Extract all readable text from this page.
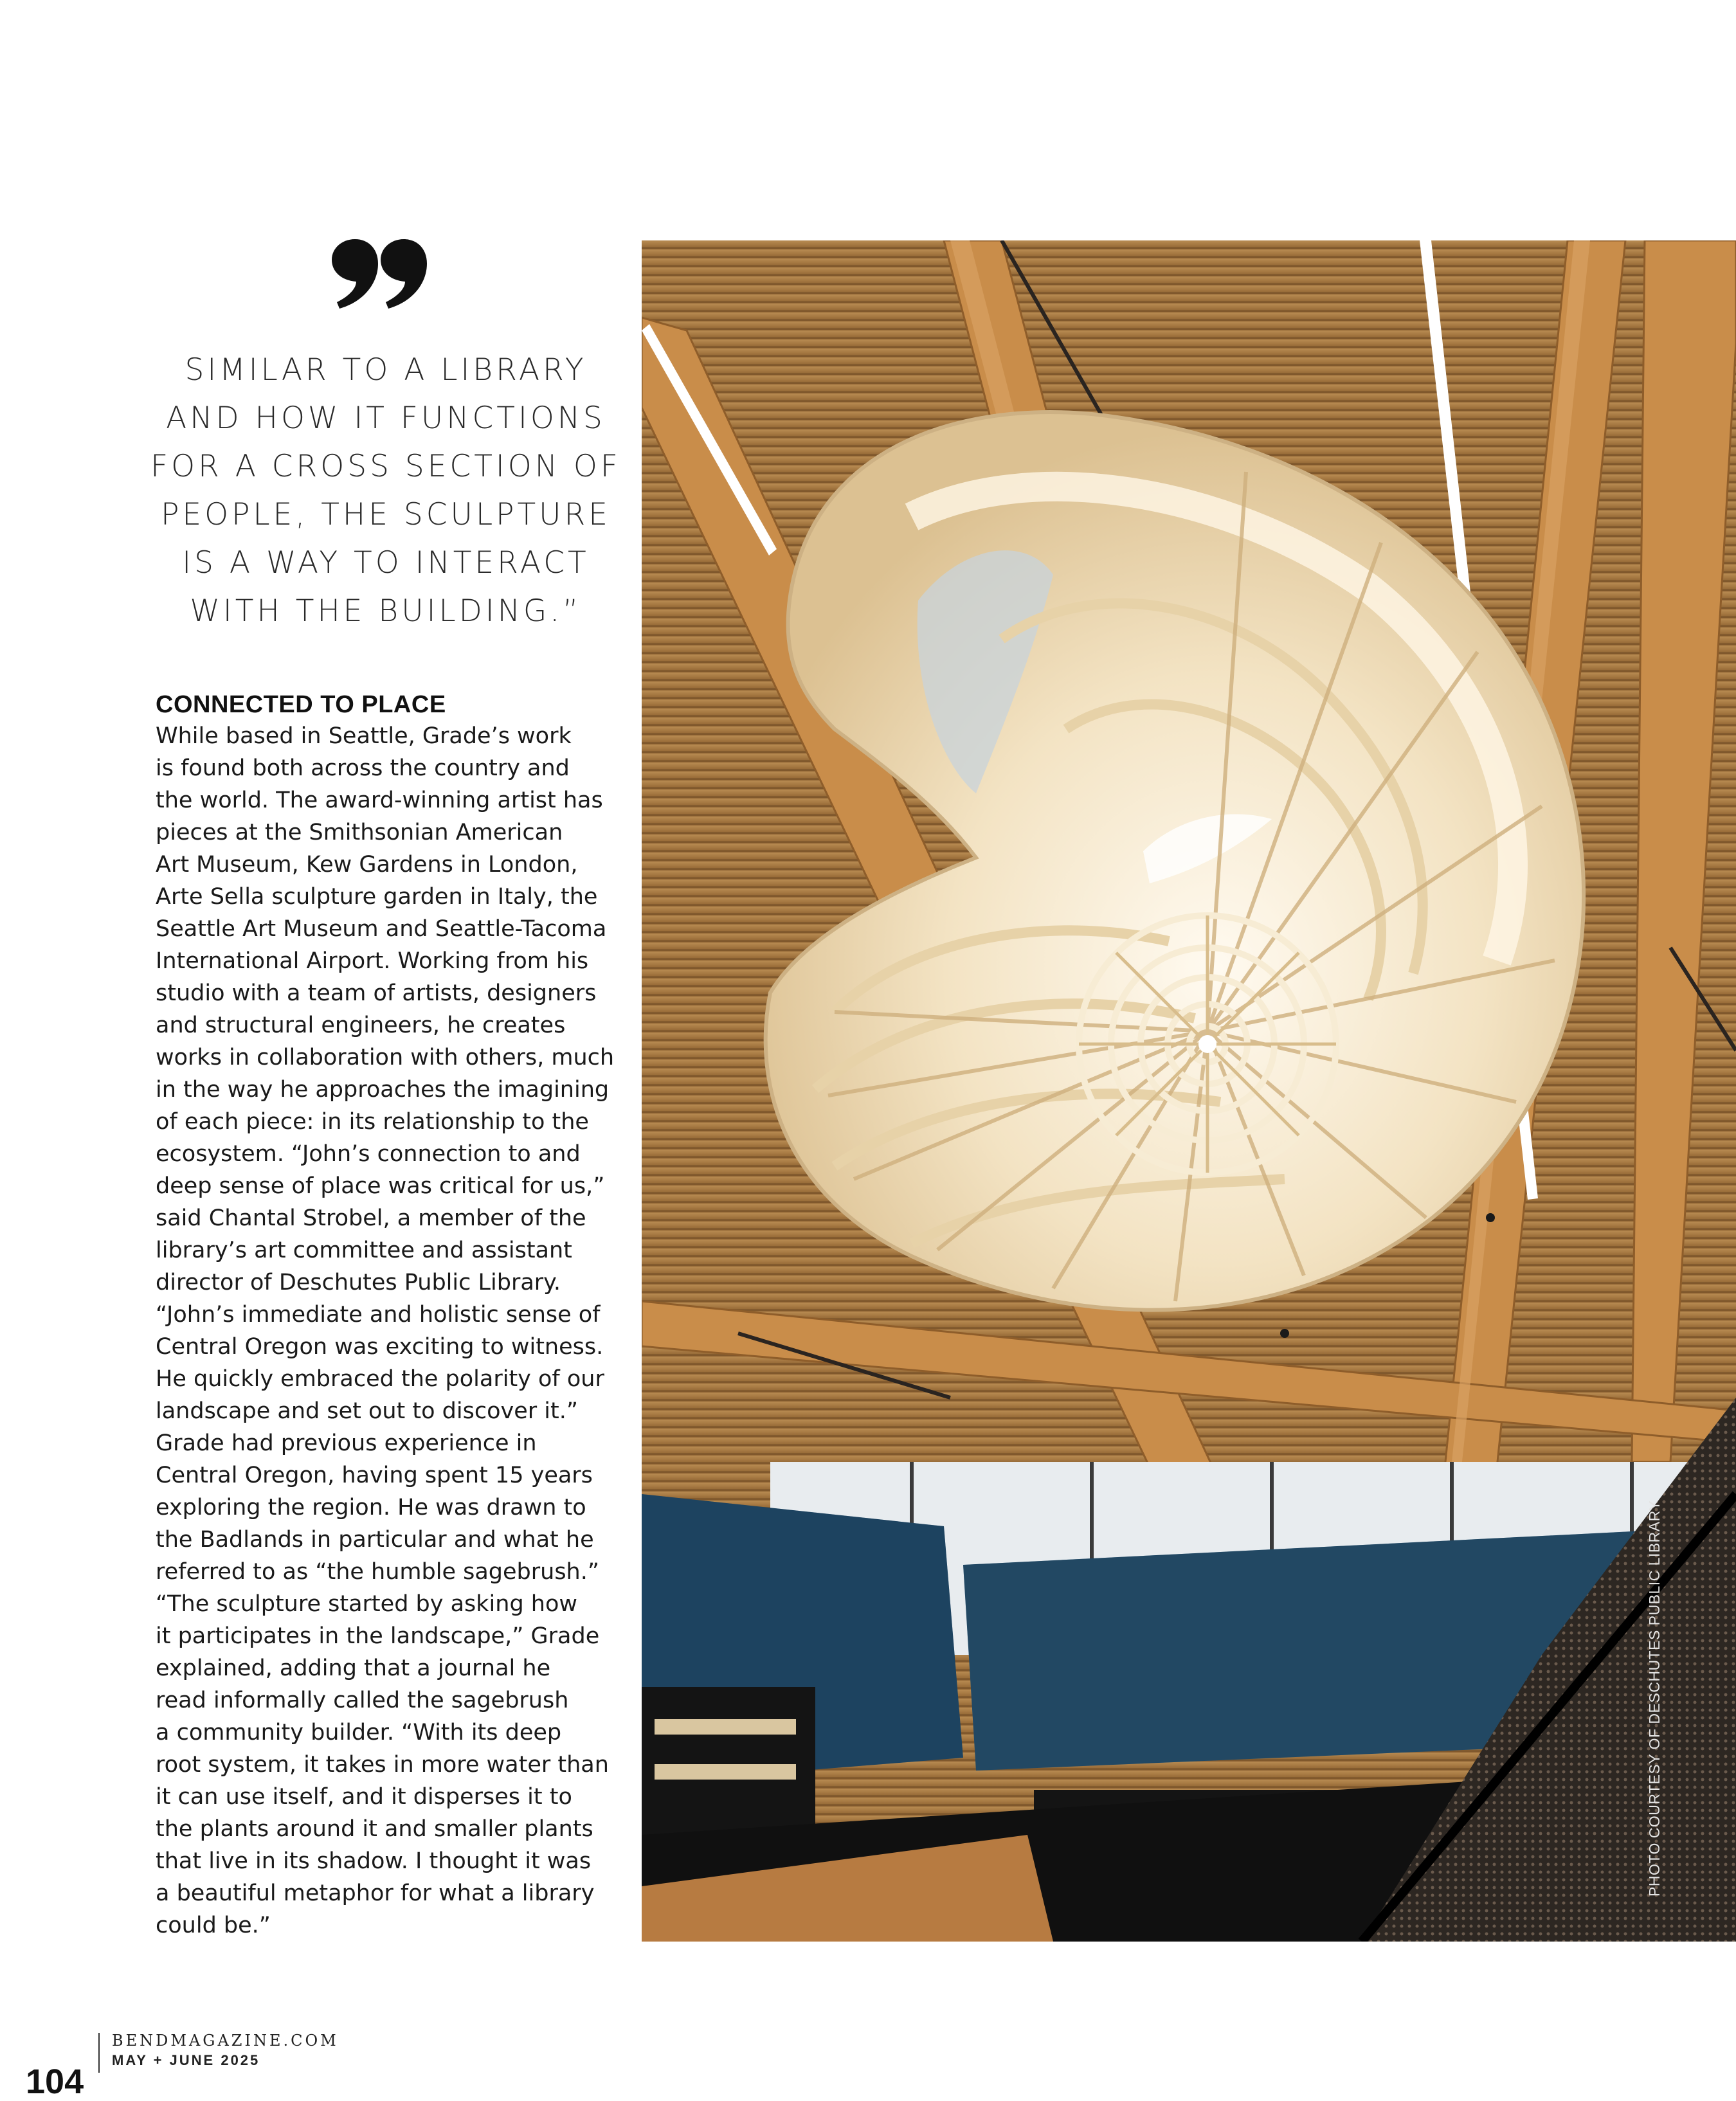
SIMILAR TO A LIBRARY
AND HOW IT FUNCTIONS
FOR A CROSS SECTION OF
PEOPLE, THE SCULPTURE
IS A WAY TO INTERACT
WITH THE BUILDING.”
CONNECTED TO PLACE
While based in Seattle, Grade’s work
is found both across the country and
the world. The award-winning artist has
pieces at the Smithsonian American
Art Museum, Kew Gardens in London,
Arte Sella sculpture garden in Italy, the
Seattle Art Museum and Seattle-Tacoma
International Airport. Working from his
studio with a team of artists, designers
and structural engineers, he creates
works in collaboration with others, much
in the way he approaches the imagining
of each piece: in its relationship to the
ecosystem. “John’s connection to and
deep sense of place was critical for us,”
said Chantal Strobel, a member of the
library’s art committee and assistant
director of Deschutes Public Library.
“John’s immediate and holistic sense of
Central Oregon was exciting to witness.
He quickly embraced the polarity of our
landscape and set out to discover it.”
Grade had previous experience in
Central Oregon, having spent 15 years
exploring the region. He was drawn to
the Badlands in particular and what he
referred to as “the humble sagebrush.”
“The sculpture started by asking how
it participates in the landscape,” Grade
explained, adding that a journal he
read informally called the sagebrush
a community builder. “With its deep
root system, it takes in more water than
it can use itself, and it disperses it to
the plants around it and smaller plants
that live in its shadow. I thought it was
a beautiful metaphor for what a library
could be.”
PHOTO COURTESY OF DESCHUTES PUBLIC LIBRARY
104
BENDMAGAZINE.COM
MAY + JUNE 2025
